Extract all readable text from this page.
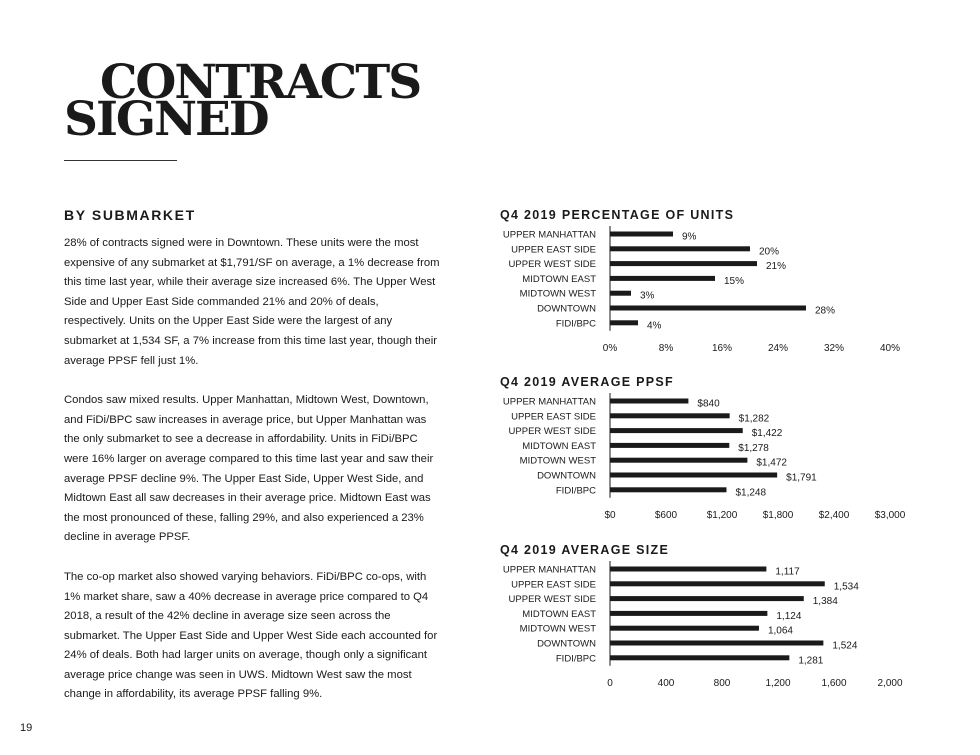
CONTRACTS
SIGNED
BY SUBMARKET

28% of contracts signed were in Downtown. These units were the most expensive of any submarket at $1,791/SF on average, a 1% decrease from this time last year, while their average size increased 6%. The Upper West Side and Upper East Side commanded 21% and 20% of deals, respectively. Units on the Upper East Side were the largest of any submarket at 1,534 SF, a 7% increase from this time last year, though their average PPSF fell just 1%.

Condos saw mixed results. Upper Manhattan, Midtown West, Downtown, and FiDi/BPC saw increases in average price, but Upper Manhattan was the only submarket to see a decrease in affordability. Units in FiDi/BPC were 16% larger on average compared to this time last year and saw their average PPSF decline 9%. The Upper East Side, Upper West Side, and Midtown East all saw decreases in their average price. Midtown East was the most pronounced of these, falling 29%, and also experienced a 23% decline in average PPSF.

The co-op market also showed varying behaviors. FiDi/BPC co-ops, with 1% market share, saw a 40% decrease in average price compared to Q4 2018, a result of the 42% decline in average size seen across the submarket. The Upper East Side and Upper West Side each accounted for 24% of deals. Both had larger units on average, though only a significant average price change was seen in UWS. Midtown West saw the most change in affordability, its average PPSF falling 9%.

Q4 2019 PERCENTAGE OF UNITS
UPPER MANHATTAN	9%
UPPER EAST SIDE	20%
UPPER WEST SIDE	21%
MIDTOWN EAST	15%
MIDTOWN WEST	3%
DOWNTOWN	28%
FIDI/BPC	4%
0%	8%	16%	24%	32%	40%
Q4 2019 AVERAGE PPSF
UPPER MANHATTAN	$840
UPPER EAST SIDE	$1,282
UPPER WEST SIDE	$1,422
MIDTOWN EAST	$1,278
MIDTOWN WEST	$1,472
DOWNTOWN	$1,791
FIDI/BPC	$1,248
$0	$600	$1,200	$1,800	$2,400	$3,000
Q4 2019 AVERAGE SIZE
UPPER MANHATTAN	1,117
UPPER EAST SIDE	1,534
UPPER WEST SIDE	1,384
MIDTOWN EAST	1,124
MIDTOWN WEST	1,064
DOWNTOWN	1,524
FIDI/BPC	1,281
0	400	800	1,200	1,600	2,000
19
